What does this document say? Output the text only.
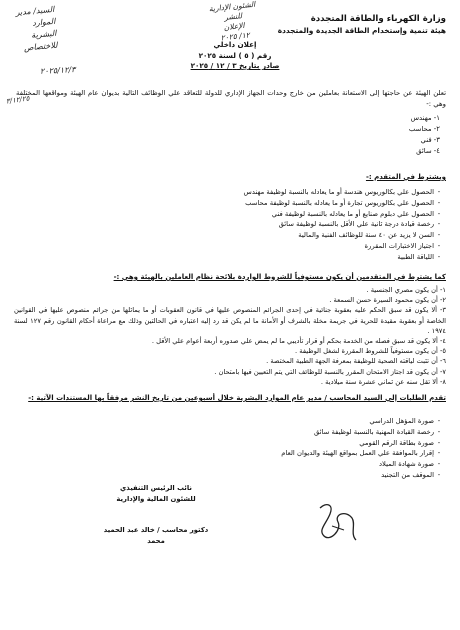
وزارة الكهرباء والطاقة المتجددة
هيئة تنمية وإستخدام الطاقة الجديدة والمتجددة
إعلان داخلي
رقم ( ٥ ) لسنة ٢٠٢٥
صادر بتاريخ ٣ / ١٢ / ٢٠٢٥
الشئون الإدارية
للنشر
الإعلان
١٢/ ٢٠٢٥
السيد/ مدير
الموارد
البشرية
للاختصاص
٢٠٢٥/١٢/٣
٣/١٢/٢٥
تعلن الهيئة عن حاجتها إلى الاستعانة بعاملين من خارج وحدات الجهاز الإداري للدولة للتعاقد علي الوظائف التالية بديوان عام الهيئة ومواقعها المختلفة وهي :-
١- مهندس
٢- محاسب
٣- فني
٤- سائق
ويشترط في المتقدم :-
-
الحصول علي بكالوريوس هندسة أو ما يعادله بالنسبة لوظيفة مهندس
-
الحصول علي بكالوريوس تجارة أو ما يعادله بالنسبة لوظيفة محاسب
-
الحصول علي دبلوم صنايع أو ما يعادله بالنسبة لوظيفة فني
-
رخصة قيادة درجة ثانية علي الأقل بالنسبة لوظيفة سائق
-
السن لا يزيد عن ٤٠ سنة للوظائف الفنية والمالية
-
اجتياز الاختبارات المقررة
-
اللياقة الطبية
كما يشترط في المتقدمين أن يكون مستوفياً للشروط الواردة بلائحة نظام العاملين بالهيئة وهي :-
١- أن يكون مصري الجنسية .
٢- أن يكون محمود السيرة حسن السمعة .
٣- ألا يكون قد سبق الحكم عليه بعقوبة جنائية في إحدى الجرائم المنصوص عليها في قانون العقوبات أو ما يماثلها من جرائم منصوص عليها في القوانين الخاصة أو بعقوبة مقيدة للحرية في جريمة مخلة بالشرف أو الأمانة ما لم يكن قد رد إليه اعتباره في الحالتين وذلك مع مراعاة أحكام القانون رقم ١٢٧ لسنة ١٩٧٤ .
٤- ألا يكون قد سبق فصله من الخدمة بحكم أو قرار تأديبي ما لم يمض علي صدوره أربعة أعوام علي الأقل .
٥- أن يكون مستوفياً للشروط المقررة لشغل الوظيفة .
٦- أن تثبت لياقته الصحية للوظيفة بمعرفة الجهة الطبية المختصة .
٧- أن يكون قد اجتاز الامتحان المقرر بالنسبة للوظائف التي يتم التعيين فيها بامتحان .
٨- ألا تقل سنه عن ثماني عشرة سنة ميلادية .
تقدم الطلبات إلي السيد المحاسب / مدير عام الموارد البشرية خلال أسبوعين من تاريخ النشر مرفقاً بها المستندات الآتية :-
-
صورة المؤهل الدراسي
-
رخصة القيادة المهنية بالنسبة لوظيفة سائق
-
صورة بطاقة الرقم القومي
-
إقرار بالموافقة علي العمل بمواقع الهيئة والديوان العام
-
صورة شهادة الميلاد
-
الموقف من التجنيد
نائب الرئيس التنفيذي
للشئون المالية والإدارية
دكتور محاسب / خالد عبد الحميد محمد
